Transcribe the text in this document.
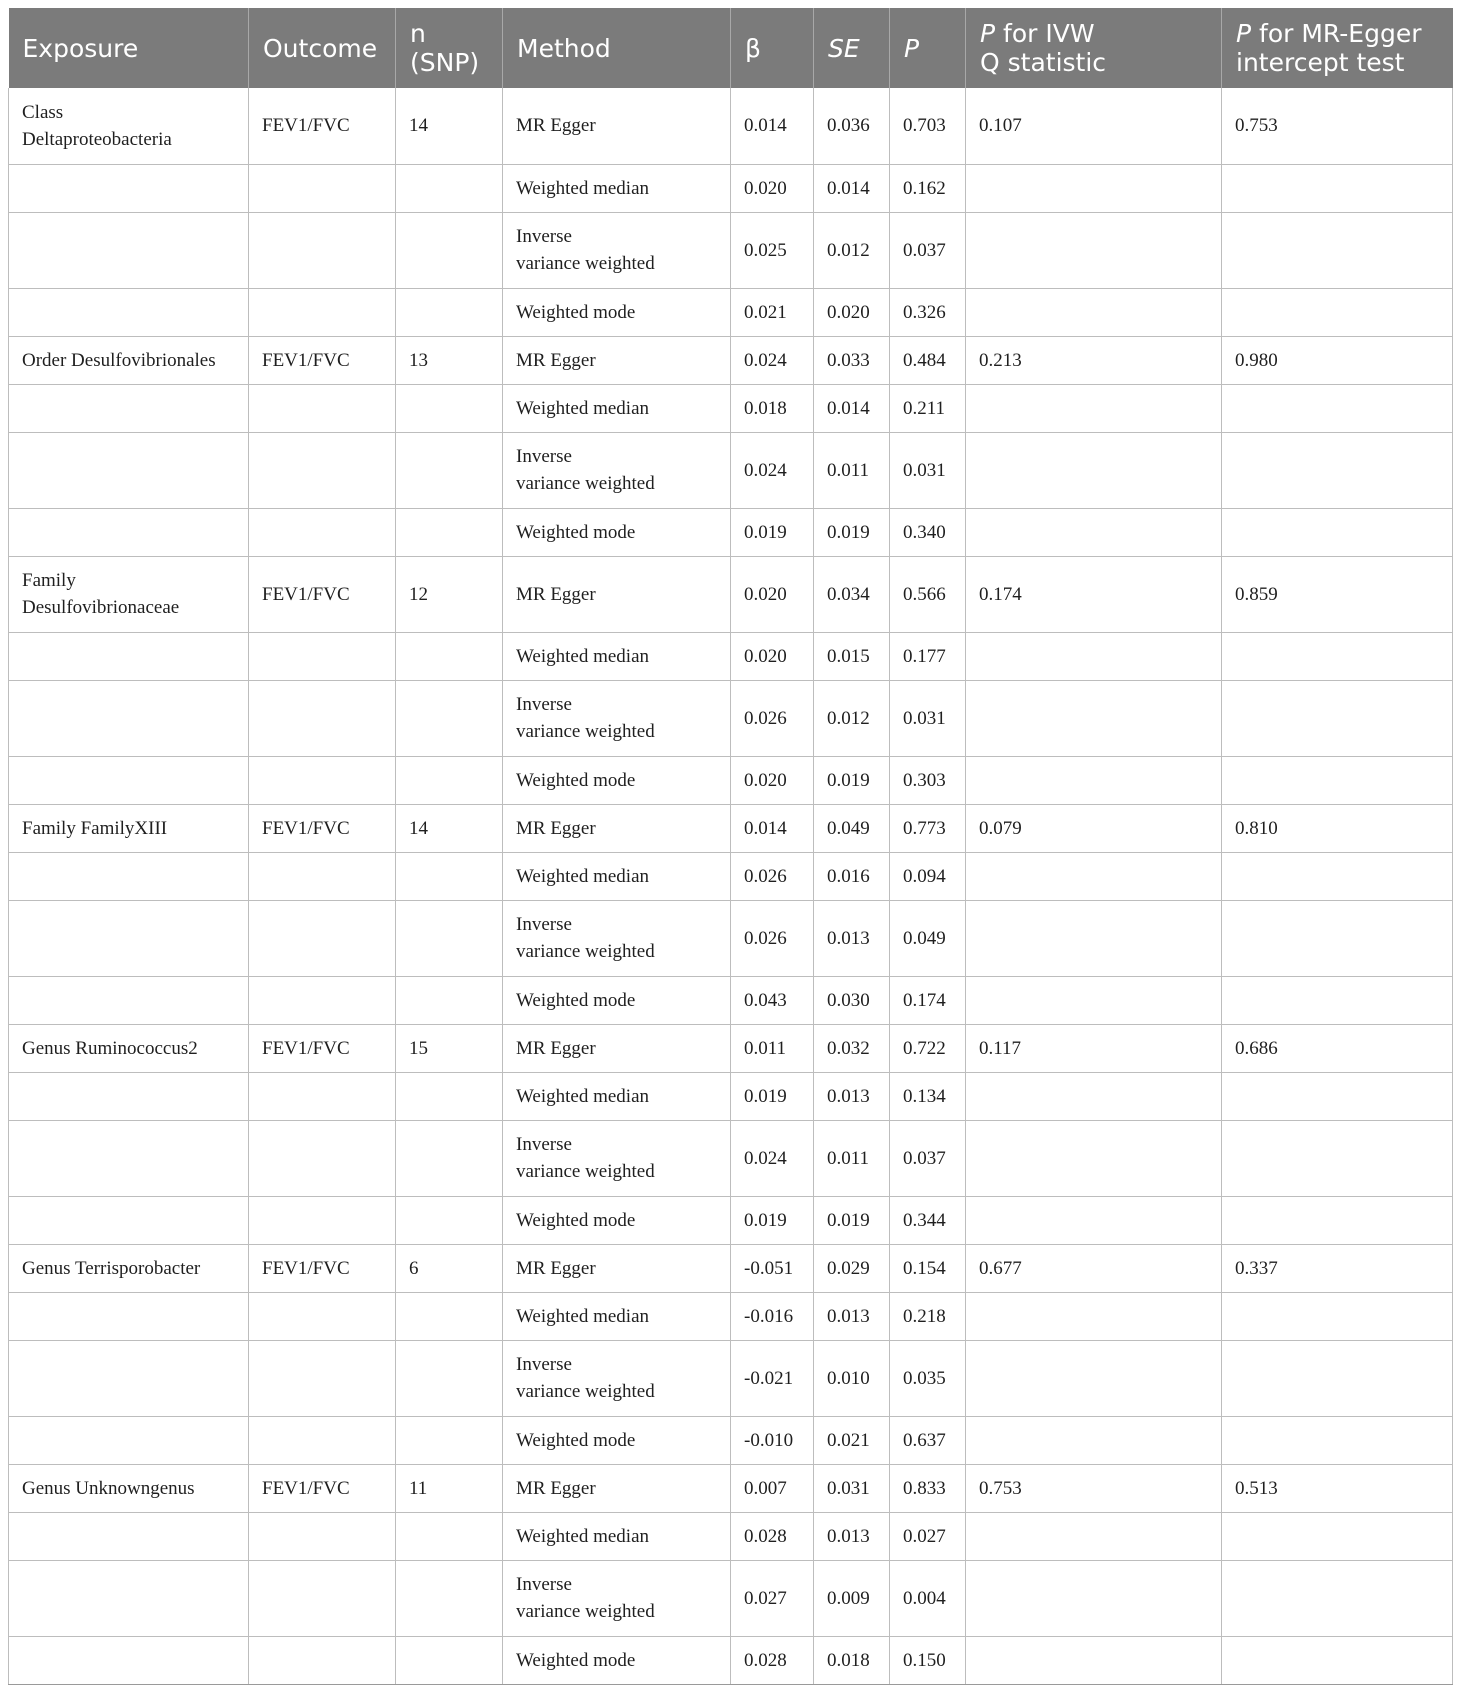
Exposure	Outcome	n
(SNP)	Method	β	SE	P	P for IVW
Q statistic	P for MR-Egger
intercept test
Class
Deltaproteobacteria	FEV1/FVC	14	MR Egger	0.014	0.036	0.703	0.107	0.753
			Weighted median	0.020	0.014	0.162		
			Inverse
variance weighted	0.025	0.012	0.037		
			Weighted mode	0.021	0.020	0.326		
Order Desulfovibrionales	FEV1/FVC	13	MR Egger	0.024	0.033	0.484	0.213	0.980
			Weighted median	0.018	0.014	0.211		
			Inverse
variance weighted	0.024	0.011	0.031		
			Weighted mode	0.019	0.019	0.340		
Family
Desulfovibrionaceae	FEV1/FVC	12	MR Egger	0.020	0.034	0.566	0.174	0.859
			Weighted median	0.020	0.015	0.177		
			Inverse
variance weighted	0.026	0.012	0.031		
			Weighted mode	0.020	0.019	0.303		
Family FamilyXIII	FEV1/FVC	14	MR Egger	0.014	0.049	0.773	0.079	0.810
			Weighted median	0.026	0.016	0.094		
			Inverse
variance weighted	0.026	0.013	0.049		
			Weighted mode	0.043	0.030	0.174		
Genus Ruminococcus2	FEV1/FVC	15	MR Egger	0.011	0.032	0.722	0.117	0.686
			Weighted median	0.019	0.013	0.134		
			Inverse
variance weighted	0.024	0.011	0.037		
			Weighted mode	0.019	0.019	0.344		
Genus Terrisporobacter	FEV1/FVC	6	MR Egger	-0.051	0.029	0.154	0.677	0.337
			Weighted median	-0.016	0.013	0.218		
			Inverse
variance weighted	-0.021	0.010	0.035		
			Weighted mode	-0.010	0.021	0.637		
Genus Unknowngenus	FEV1/FVC	11	MR Egger	0.007	0.031	0.833	0.753	0.513
			Weighted median	0.028	0.013	0.027		
			Inverse
variance weighted	0.027	0.009	0.004		
			Weighted mode	0.028	0.018	0.150		
